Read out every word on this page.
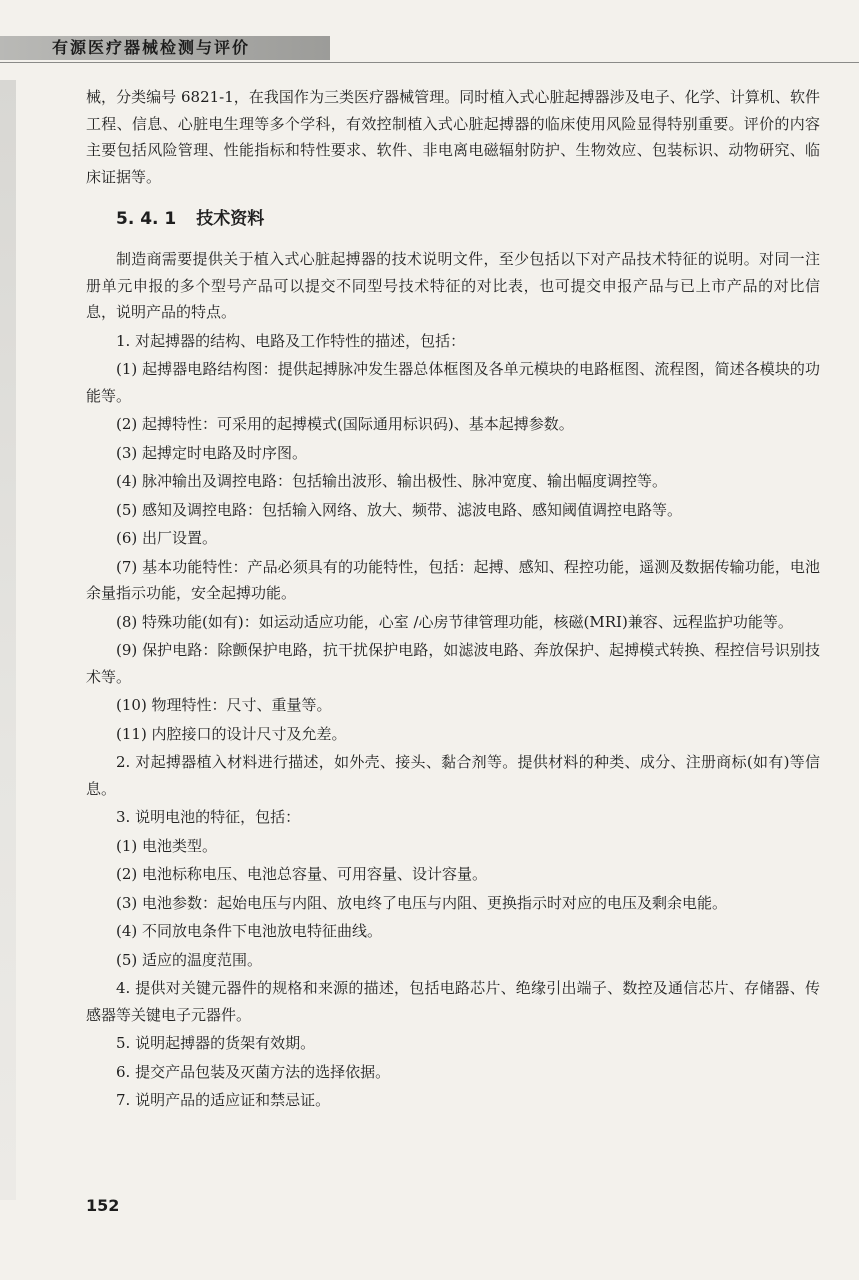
有源医疗器械检测与评价

械，分类编号 6821-1，在我国作为三类医疗器械管理。同时植入式心脏起搏器涉及电子、化学、计算机、软件工程、信息、心脏电生理等多个学科，有效控制植入式心脏起搏器的临床使用风险显得特别重要。评价的内容主要包括风险管理、性能指标和特性要求、软件、非电离电磁辐射防护、生物效应、包装标识、动物研究、临床证据等。

5. 4. 1 技术资料

制造商需要提供关于植入式心脏起搏器的技术说明文件，至少包括以下对产品技术特征的说明。对同一注册单元申报的多个型号产品可以提交不同型号技术特征的对比表，也可提交申报产品与已上市产品的对比信息，说明产品的特点。

1. 对起搏器的结构、电路及工作特性的描述，包括：

(1) 起搏器电路结构图：提供起搏脉冲发生器总体框图及各单元模块的电路框图、流程图，简述各模块的功能等。

(2) 起搏特性：可采用的起搏模式(国际通用标识码)、基本起搏参数。

(3) 起搏定时电路及时序图。

(4) 脉冲输出及调控电路：包括输出波形、输出极性、脉冲宽度、输出幅度调控等。

(5) 感知及调控电路：包括输入网络、放大、频带、滤波电路、感知阈值调控电路等。

(6) 出厂设置。

(7) 基本功能特性：产品必须具有的功能特性，包括：起搏、感知、程控功能，遥测及数据传输功能，电池余量指示功能，安全起搏功能。

(8) 特殊功能(如有)：如运动适应功能，心室 /心房节律管理功能，核磁(MRI)兼容、远程监护功能等。

(9) 保护电路：除颤保护电路，抗干扰保护电路，如滤波电路、奔放保护、起搏模式转换、程控信号识别技术等。

(10) 物理特性：尺寸、重量等。

(11) 内腔接口的设计尺寸及允差。

2. 对起搏器植入材料进行描述，如外壳、接头、黏合剂等。提供材料的种类、成分、注册商标(如有)等信息。

3. 说明电池的特征，包括：

(1) 电池类型。

(2) 电池标称电压、电池总容量、可用容量、设计容量。

(3) 电池参数：起始电压与内阻、放电终了电压与内阻、更换指示时对应的电压及剩余电能。

(4) 不同放电条件下电池放电特征曲线。

(5) 适应的温度范围。

4. 提供对关键元器件的规格和来源的描述，包括电路芯片、绝缘引出端子、数控及通信芯片、存储器、传感器等关键电子元器件。

5. 说明起搏器的货架有效期。

6. 提交产品包装及灭菌方法的选择依据。

7. 说明产品的适应证和禁忌证。

152
